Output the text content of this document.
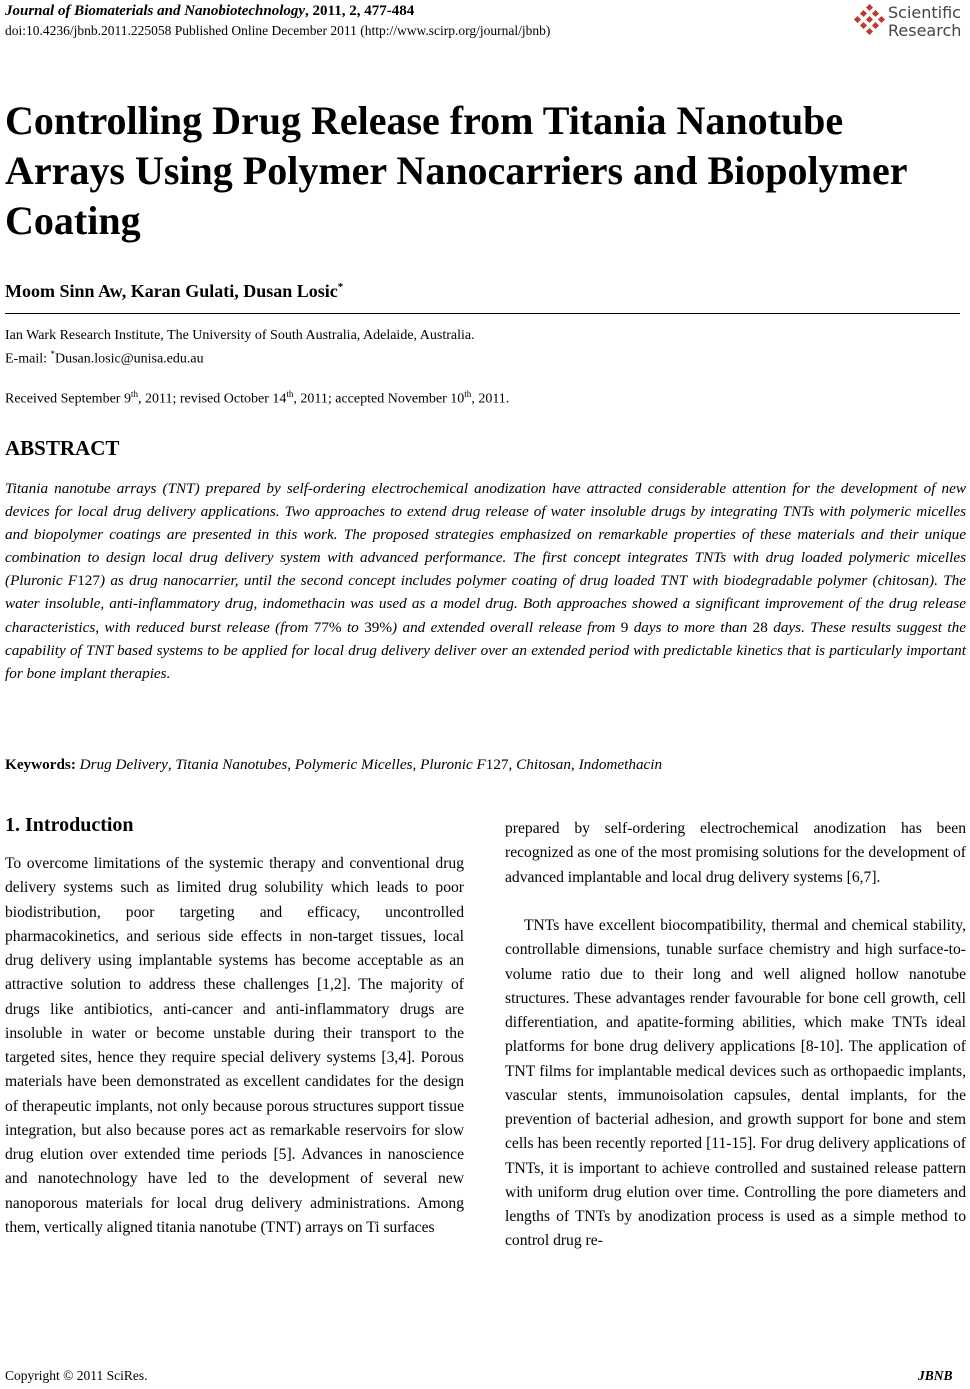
Journal of Biomaterials and Nanobiotechnology, 2011, 2, 477-484
doi:10.4236/jbnb.2011.225058 Published Online December 2011 (http://www.scirp.org/journal/jbnb)
Scientific
Research
Controlling Drug Release from Titania Nanotube Arrays Using Polymer Nanocarriers and Biopolymer Coating
Moom Sinn Aw, Karan Gulati, Dusan Losic*
Ian Wark Research Institute, The University of South Australia, Adelaide, Australia.
E-mail: *Dusan.losic@unisa.edu.au
Received September 9th, 2011; revised October 14th, 2011; accepted November 10th, 2011.
ABSTRACT

Titania nanotube arrays (TNT) prepared by self-ordering electrochemical anodization have attracted considerable attention for the development of new devices for local drug delivery applications. Two approaches to extend drug release of water insoluble drugs by integrating TNTs with polymeric micelles and biopolymer coatings are presented in this work. The proposed strategies emphasized on remarkable properties of these materials and their unique combination to design local drug delivery system with advanced performance. The first concept integrates TNTs with drug loaded polymeric micelles (Pluronic F127) as drug nanocarrier, until the second concept includes polymer coating of drug loaded TNT with biodegradable polymer (chitosan). The water insoluble, anti-inflammatory drug, indomethacin was used as a model drug. Both approaches showed a significant improvement of the drug release characteristics, with reduced burst release (from 77% to 39%) and extended overall release from 9 days to more than 28 days. These results suggest the capability of TNT based systems to be applied for local drug delivery deliver over an extended period with predictable kinetics that is particularly important for bone implant therapies.

Keywords: Drug Delivery, Titania Nanotubes, Polymeric Micelles, Pluronic F127, Chitosan, Indomethacin
1. Introduction

To overcome limitations of the systemic therapy and conventional drug delivery systems such as limited drug solubility which leads to poor biodistribution, poor targeting and efficacy, uncontrolled pharmacokinetics, and serious side effects in non-target tissues, local drug delivery using implantable systems has become acceptable as an attractive solution to address these challenges [1,2]. The majority of drugs like antibiotics, anti-cancer and anti-inflammatory drugs are insoluble in water or become unstable during their transport to the targeted sites, hence they require special delivery systems [3,4]. Porous materials have been demonstrated as excellent candidates for the design of therapeutic implants, not only because porous structures support tissue integration, but also because pores act as remarkable reservoirs for slow drug elution over extended time periods [5]. Advances in nanoscience and nanotechnology have led to the development of several new nanoporous materials for local drug delivery administrations. Among them, vertically aligned titania nanotube (TNT) arrays on Ti surfaces

prepared by self-ordering electrochemical anodization has been recognized as one of the most promising solutions for the development of advanced implantable and local drug delivery systems [6,7].

TNTs have excellent biocompatibility, thermal and chemical stability, controllable dimensions, tunable surface chemistry and high surface-to-volume ratio due to their long and well aligned hollow nanotube structures. These advantages render favourable for bone cell growth, cell differentiation, and apatite-forming abilities, which make TNTs ideal platforms for bone drug delivery applications [8-10]. The application of TNT films for implantable medical devices such as orthopaedic implants, vascular stents, immunoisolation capsules, dental implants, for the prevention of bacterial adhesion, and growth support for bone and stem cells has been recently reported [11-15]. For drug delivery applications of TNTs, it is important to achieve controlled and sustained release pattern with uniform drug elution over time. Controlling the pore diameters and lengths of TNTs by anodization process is used as a simple method to control drug re-

Copyright © 2011 SciRes.	JBNB
